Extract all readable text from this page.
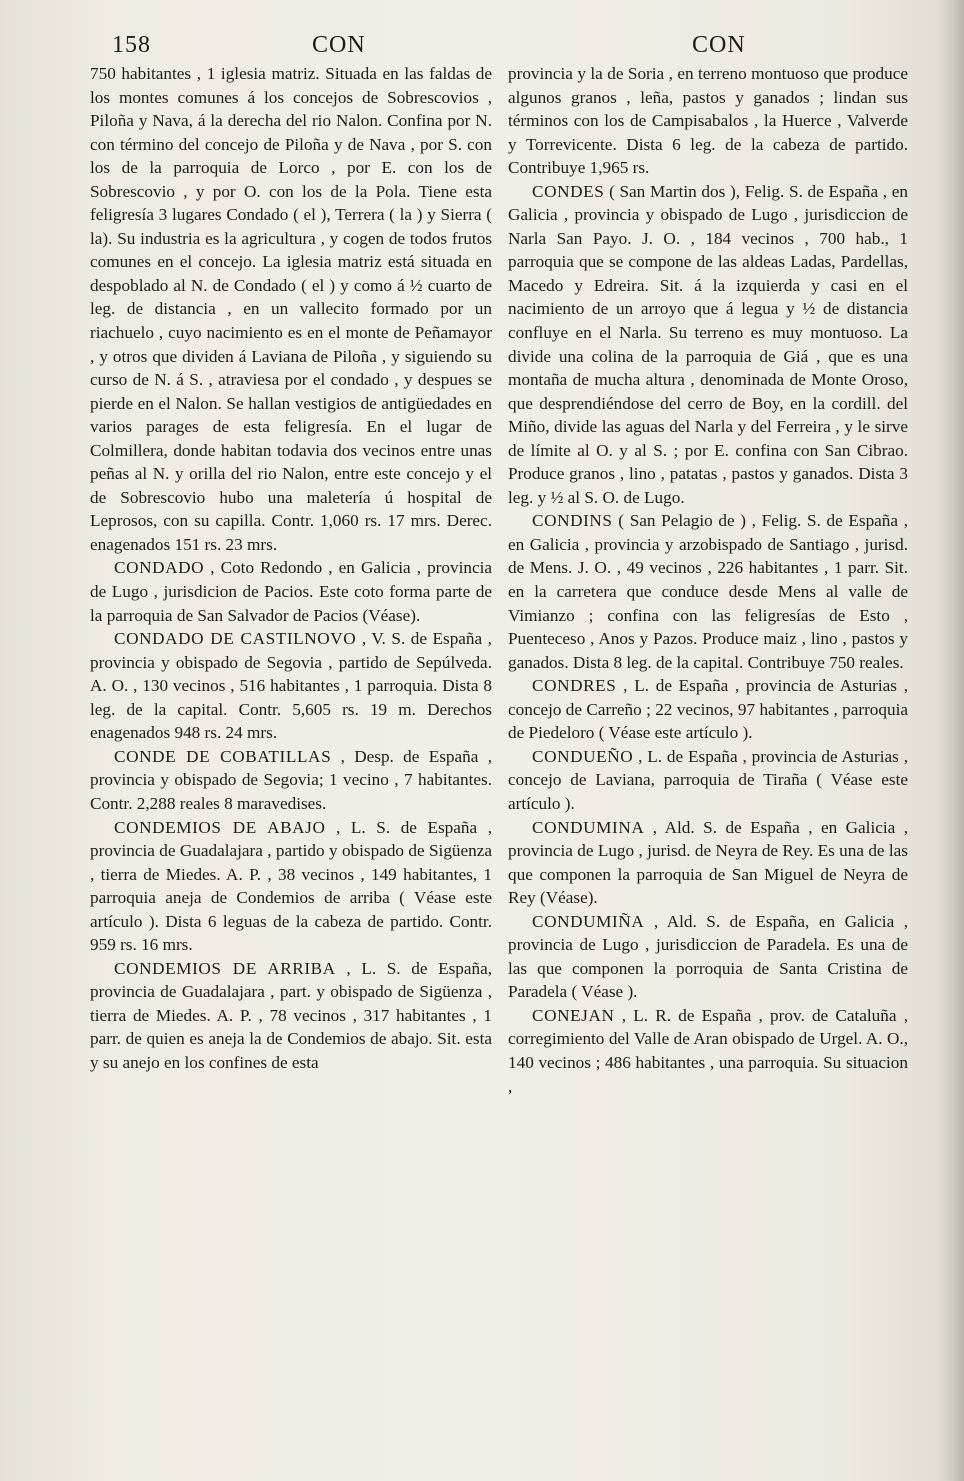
158	CON	CON

750 habitantes , 1 iglesia matriz. Situada en las faldas de los montes comunes á los concejos de Sobrescovios , Piloña y Nava, á la derecha del rio Nalon. Confina por N. con término del concejo de Piloña y de Nava , por S. con los de la parroquia de Lorco , por E. con los de Sobrescovio , y por O. con los de la Pola. Tiene esta feligresía 3 lugares Condado ( el ), Terrera ( la ) y Sierra ( la). Su industria es la agricultura , y cogen de todos frutos comunes en el concejo. La iglesia matriz está situada en despoblado al N. de Condado ( el ) y como á ½ cuarto de leg. de distancia , en un vallecito formado por un riachuelo , cuyo nacimiento es en el monte de Peñamayor , y otros que dividen á Laviana de Piloña , y siguiendo su curso de N. á S. , atraviesa por el condado , y despues se pierde en el Nalon. Se hallan vestigios de antigüedades en varios parages de esta feligresía. En el lugar de Colmillera, donde habitan todavia dos vecinos entre unas peñas al N. y orilla del rio Nalon, entre este concejo y el de Sobrescovio hubo una maletería ú hospital de Leprosos, con su capilla. Contr. 1,060 rs. 17 mrs. Derec. enagenados 151 rs. 23 mrs.

CONDADO , Coto Redondo , en Galicia , provincia de Lugo , jurisdicion de Pacios. Este coto forma parte de la parroquia de San Salvador de Pacios (Véase).

CONDADO DE CASTILNOVO , V. S. de España , provincia y obispado de Segovia , partido de Sepúlveda. A. O. , 130 vecinos , 516 habitantes , 1 parroquia. Dista 8 leg. de la capital. Contr. 5,605 rs. 19 m. Derechos enagenados 948 rs. 24 mrs.

CONDE DE COBATILLAS , Desp. de España , provincia y obispado de Segovia; 1 vecino , 7 habitantes. Contr. 2,288 reales 8 maravedises.

CONDEMIOS DE ABAJO , L. S. de España , provincia de Guadalajara , partido y obispado de Sigüenza , tierra de Miedes. A. P. , 38 vecinos , 149 habitantes, 1 parroquia aneja de Condemios de arriba ( Véase este artículo ). Dista 6 leguas de la cabeza de partido. Contr. 959 rs. 16 mrs.

CONDEMIOS DE ARRIBA , L. S. de España, provincia de Guadalajara , part. y obispado de Sigüenza , tierra de Miedes. A. P. , 78 vecinos , 317 habitantes , 1 parr. de quien es aneja la de Condemios de abajo. Sit. esta y su anejo en los confines de esta

provincia y la de Soria , en terreno montuoso que produce algunos granos , leña, pastos y ganados ; lindan sus términos con los de Campisabalos , la Huerce , Valverde y Torrevicente. Dista 6 leg. de la cabeza de partido. Contribuye 1,965 rs.

CONDES ( San Martin dos ), Felig. S. de España , en Galicia , provincia y obispado de Lugo , jurisdiccion de Narla San Payo. J. O. , 184 vecinos , 700 hab., 1 parroquia que se compone de las aldeas Ladas, Pardellas, Macedo y Edreira. Sit. á la izquierda y casi en el nacimiento de un arroyo que á legua y ½ de distancia confluye en el Narla. Su terreno es muy montuoso. La divide una colina de la parroquia de Giá , que es una montaña de mucha altura , denominada de Monte Oroso, que desprendiéndose del cerro de Boy, en la cordill. del Miño, divide las aguas del Narla y del Ferreira , y le sirve de límite al O. y al S. ; por E. confina con San Cibrao. Produce granos , lino , patatas , pastos y ganados. Dista 3 leg. y ½ al S. O. de Lugo.

CONDINS ( San Pelagio de ) , Felig. S. de España , en Galicia , provincia y arzobispado de Santiago , jurisd. de Mens. J. O. , 49 vecinos , 226 habitantes , 1 parr. Sit. en la carretera que conduce desde Mens al valle de Vimianzo ; confina con las feligresías de Esto , Puenteceso , Anos y Pazos. Produce maiz , lino , pastos y ganados. Dista 8 leg. de la capital. Contribuye 750 reales.

CONDRES , L. de España , provincia de Asturias , concejo de Carreño ; 22 vecinos, 97 habitantes , parroquia de Piedeloro ( Véase este artículo ).

CONDUEÑO , L. de España , provincia de Asturias , concejo de Laviana, parroquia de Tiraña ( Véase este artículo ).

CONDUMINA , Ald. S. de España , en Galicia , provincia de Lugo , jurisd. de Neyra de Rey. Es una de las que componen la parroquia de San Miguel de Neyra de Rey (Véase).

CONDUMIÑA , Ald. S. de España, en Galicia , provincia de Lugo , jurisdiccion de Paradela. Es una de las que componen la porroquia de Santa Cristina de Paradela ( Véase ).

CONEJAN , L. R. de España , prov. de Cataluña , corregimiento del Valle de Aran obispado de Urgel. A. O., 140 vecinos ; 486 habitantes , una parroquia. Su situacion ,
